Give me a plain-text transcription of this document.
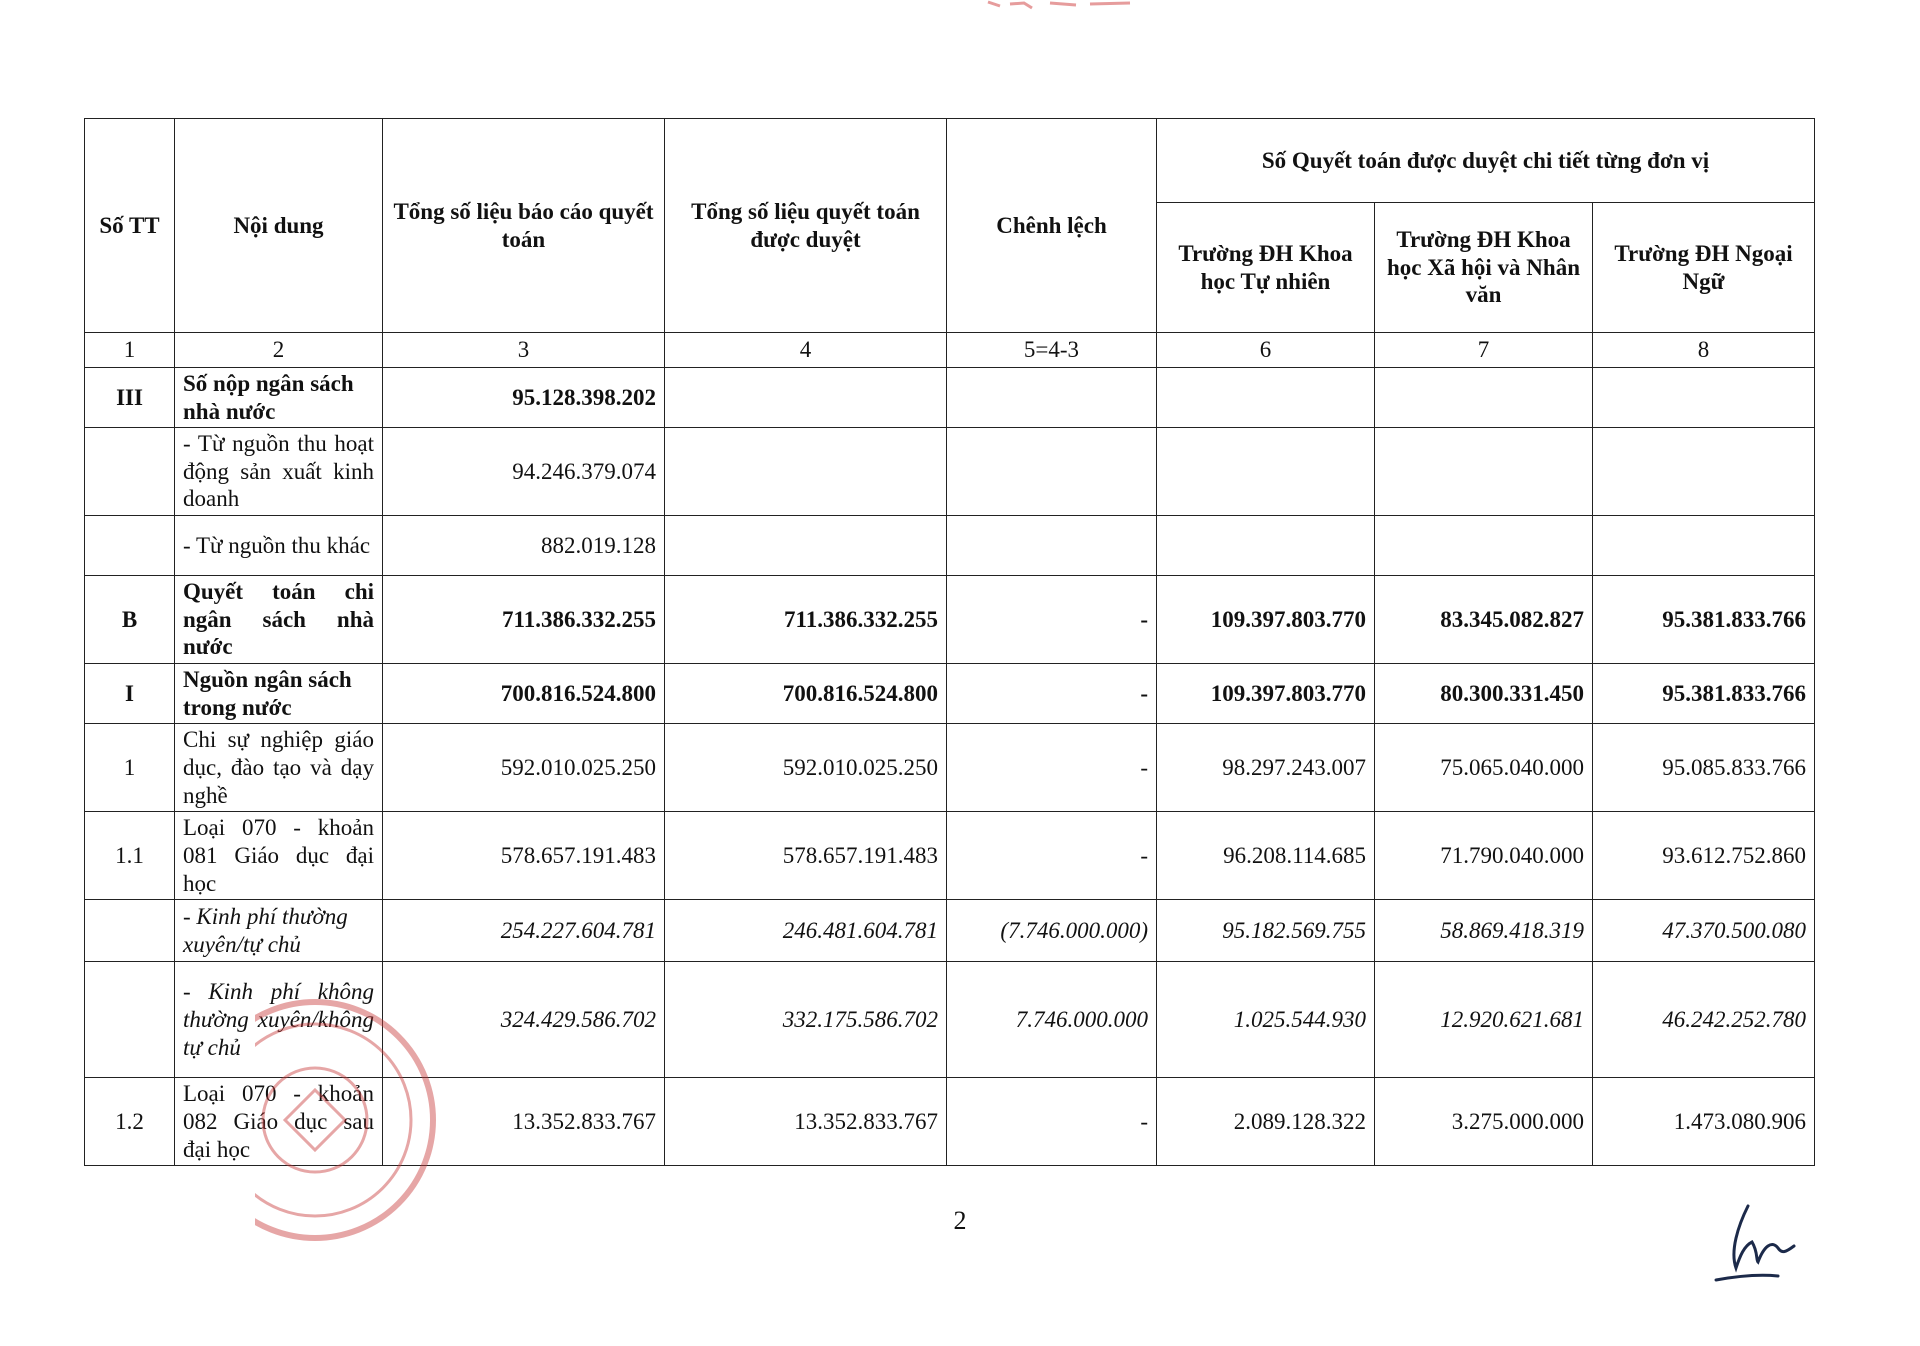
Số TT	Nội dung	Tổng số liệu báo cáo quyết toán	Tổng số liệu quyết toán được duyệt	Chênh lệch	Số Quyết toán được duyệt chi tiết từng đơn vị		
					Trường ĐH Khoa học Tự nhiên	Trường ĐH Khoa học Xã hội và Nhân văn	Trường ĐH Ngoại Ngữ
1	2	3	4	5=4-3	6	7	8
III	Số nộp ngân sách nhà nước	95.128.398.202					
	- Từ nguồn thu hoạt động sản xuất kinh doanh	94.246.379.074					
	- Từ nguồn thu khác	882.019.128					
B	Quyết toán chi ngân sách nhà nước	711.386.332.255	711.386.332.255	-	109.397.803.770	83.345.082.827	95.381.833.766
I	Nguồn ngân sách trong nước	700.816.524.800	700.816.524.800	-	109.397.803.770	80.300.331.450	95.381.833.766
1	Chi sự nghiệp giáo dục, đào tạo và dạy nghề	592.010.025.250	592.010.025.250	-	98.297.243.007	75.065.040.000	95.085.833.766
1.1	Loại 070 - khoản 081 Giáo dục đại học	578.657.191.483	578.657.191.483	-	96.208.114.685	71.790.040.000	93.612.752.860
	- Kinh phí thường xuyên/tự chủ	254.227.604.781	246.481.604.781	(7.746.000.000)	95.182.569.755	58.869.418.319	47.370.500.080
	- Kinh phí không thường xuyên/không tự chủ	324.429.586.702	332.175.586.702	7.746.000.000	1.025.544.930	12.920.621.681	46.242.252.780
1.2	Loại 070 - khoản 082 Giáo dục sau đại học	13.352.833.767	13.352.833.767	-	2.089.128.322	3.275.000.000	1.473.080.906
2
